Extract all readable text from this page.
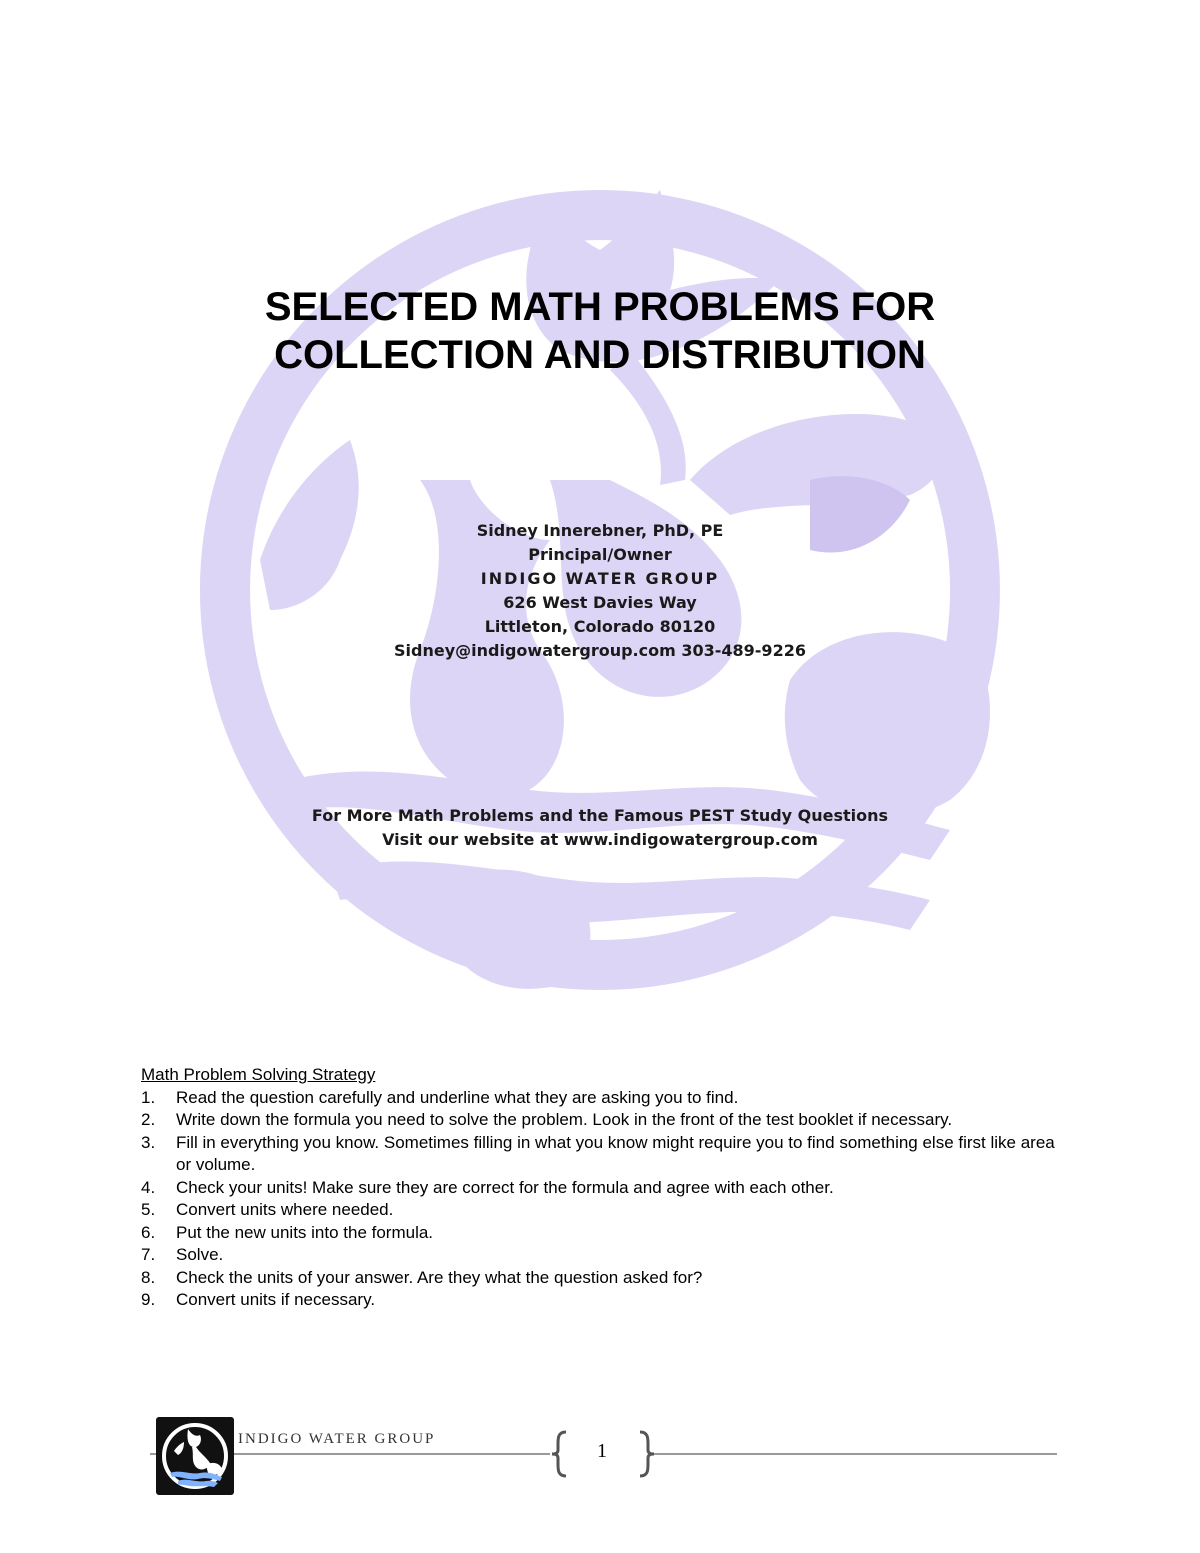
SELECTED MATH PROBLEMS FOR
COLLECTION AND DISTRIBUTION
Sidney Innerebner, PhD, PE
Principal/Owner
INDIGO WATER GROUP
626 West Davies Way
Littleton, Colorado 80120
Sidney@indigowatergroup.com 303-489-9226
For More Math Problems and the Famous PEST Study Questions
Visit our website at www.indigowatergroup.com
Math Problem Solving Strategy
1. Read the question carefully and underline what they are asking you to find.
2. Write down the formula you need to solve the problem. Look in the front of the test booklet if necessary.
3. Fill in everything you know. Sometimes filling in what you know might require you to find something else first like area or volume.
4. Check your units! Make sure they are correct for the formula and agree with each other.
5. Convert units where needed.
6. Put the new units into the formula.
7. Solve.
8. Check the units of your answer. Are they what the question asked for?
9. Convert units if necessary.
INDIGO WATER GROUP
1
